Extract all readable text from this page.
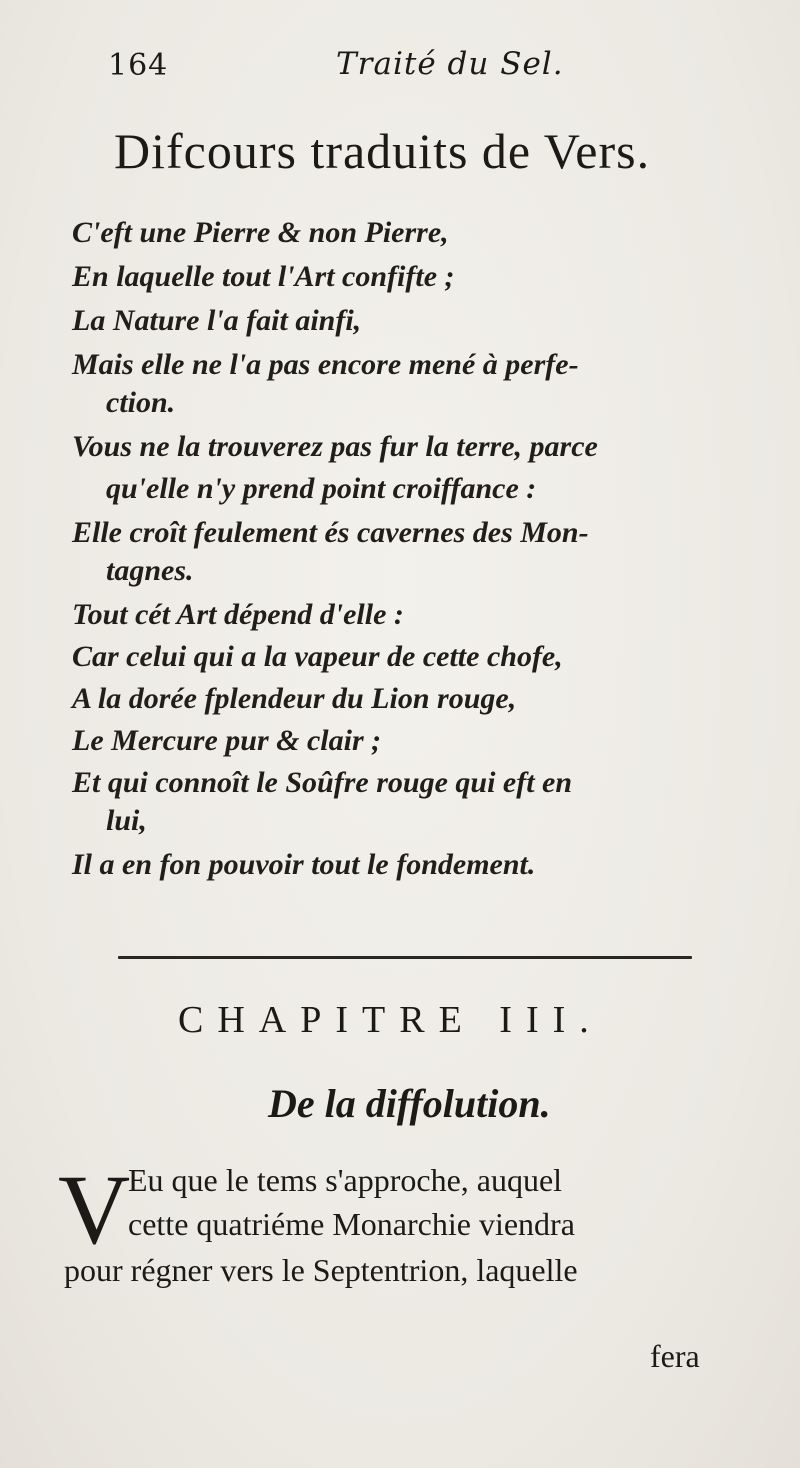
164	Traité du Sel.
Difcours traduits de Vers.
C'eft une Pierre & non Pierre,
En laquelle tout l'Art confifte ;
La Nature l'a fait ainfi,
Mais elle ne l'a pas encore mené à perfe-
ction.
Vous ne la trouverez pas fur la terre, parce
qu'elle n'y prend point croiffance :
Elle croît feulement és cavernes des Mon-
tagnes.
Tout cét Art dépend d'elle :
Car celui qui a la vapeur de cette chofe,
A la dorée fplendeur du Lion rouge,
Le Mercure pur & clair ;
Et qui connoît le Soûfre rouge qui eft en
lui,
Il a en fon pouvoir tout le fondement.
CHAPITRE III.
De la diffolution.
V
Eu que le tems s'approche, auquel
cette quatriéme Monarchie viendra
pour régner vers le Septentrion, laquelle
fera
